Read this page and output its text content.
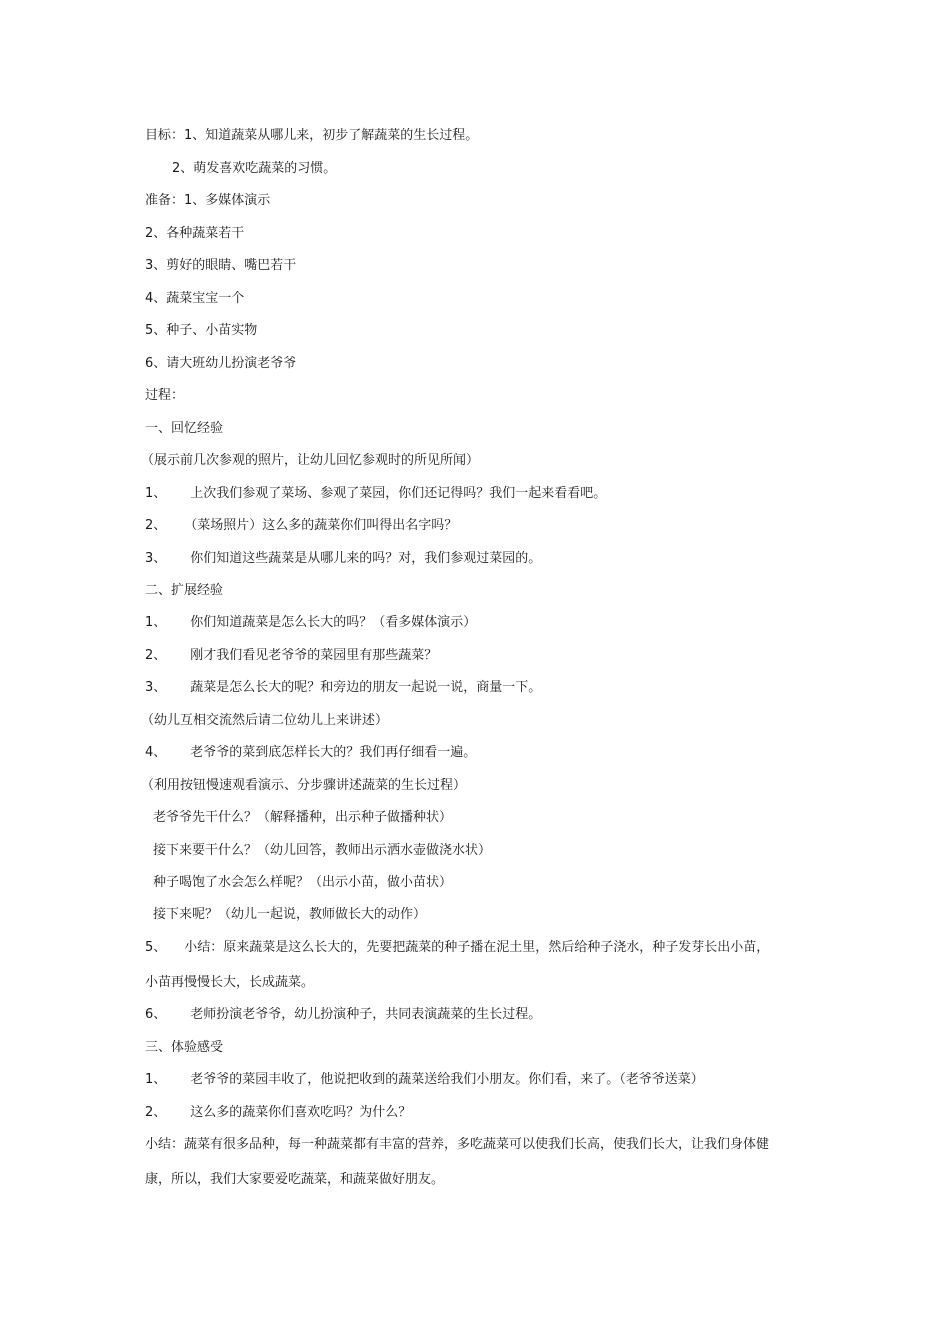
目标：1、知道蔬菜从哪儿来，初步了解蔬菜的生长过程。
2、萌发喜欢吃蔬菜的习惯。
准备：1、多媒体演示
2、各种蔬菜若干
3、剪好的眼睛、嘴巴若干
4、蔬菜宝宝一个
5、种子、小苗实物
6、请大班幼儿扮演老爷爷
过程：
一、回忆经验
（展示前几次参观的照片，让幼儿回忆参观时的所见所闻）
1、 上次我们参观了菜场、参观了菜园，你们还记得吗？我们一起来看看吧。
2、 （菜场照片）这么多的蔬菜你们叫得出名字吗？
3、 你们知道这些蔬菜是从哪儿来的吗？对，我们参观过菜园的。
二、扩展经验
1、 你们知道蔬菜是怎么长大的吗？（看多媒体演示）
2、 刚才我们看见老爷爷的菜园里有那些蔬菜？
3、 蔬菜是怎么长大的呢？和旁边的朋友一起说一说，商量一下。
（幼儿互相交流然后请二位幼儿上来讲述）
4、 老爷爷的菜到底怎样长大的？我们再仔细看一遍。
（利用按钮慢速观看演示、分步骤讲述蔬菜的生长过程）
老爷爷先干什么？（解释播种，出示种子做播种状）
接下来要干什么？（幼儿回答，教师出示洒水壶做浇水状）
种子喝饱了水会怎么样呢？（出示小苗，做小苗状）
接下来呢？（幼儿一起说，教师做长大的动作）
5、 小结：原来蔬菜是这么长大的，先要把蔬菜的种子播在泥土里，然后给种子浇水，种子发芽长出小苗，
小苗再慢慢长大，长成蔬菜。
6、 老师扮演老爷爷，幼儿扮演种子，共同表演蔬菜的生长过程。
三、体验感受
1、 老爷爷的菜园丰收了，他说把收到的蔬菜送给我们小朋友。你们看，来了。（老爷爷送菜）
2、 这么多的蔬菜你们喜欢吃吗？为什么？
小结：蔬菜有很多品种，每一种蔬菜都有丰富的营养，多吃蔬菜可以使我们长高，使我们长大，让我们身体健
康，所以，我们大家要爱吃蔬菜，和蔬菜做好朋友。
